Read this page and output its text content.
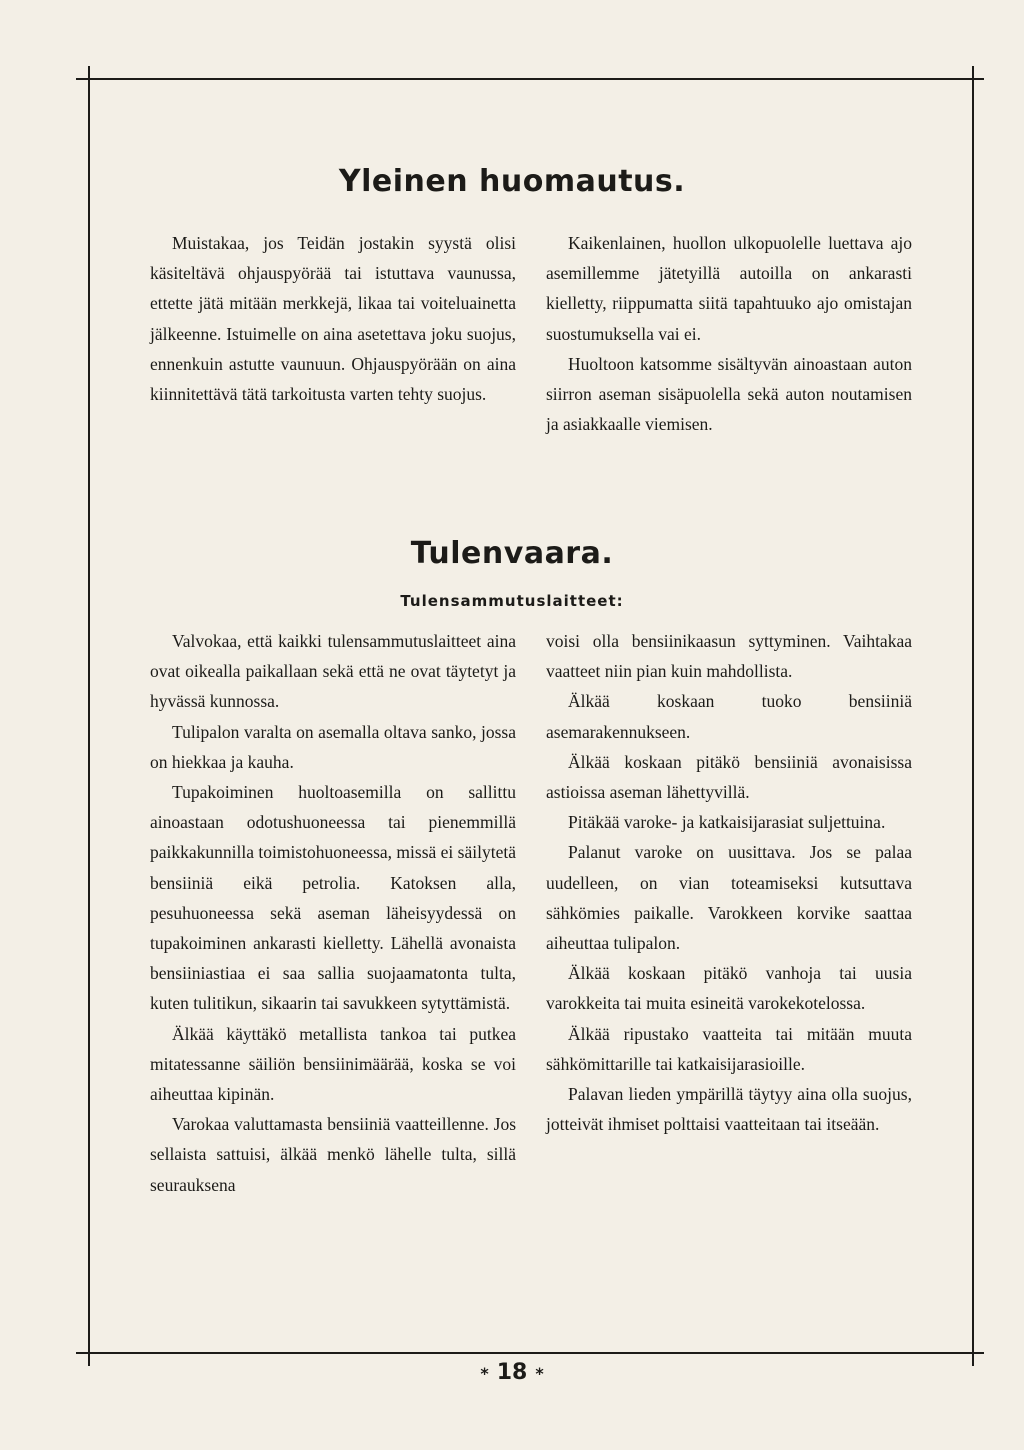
Yleinen huomautus.

Muistakaa, jos Teidän jostakin syystä olisi käsiteltävä ohjauspyörää tai istuttava vaunussa, ettette jätä mitään merkkejä, likaa tai voiteluainetta jälkeenne. Istuimelle on aina asetettava joku suojus, ennenkuin astutte vaunuun. Ohjauspyörään on aina kiinnitettävä tätä tarkoitusta varten tehty suojus.

Kaikenlainen, huollon ulkopuolelle luettava ajo asemillemme jätetyillä autoilla on ankarasti kielletty, riippumatta siitä tapahtuuko ajo omistajan suostumuksella vai ei.

Huoltoon katsomme sisältyvän ainoastaan auton siirron aseman sisäpuolella sekä auton noutamisen ja asiakkaalle viemisen.

Tulenvaara.
Tulensammutuslaitteet:

Valvokaa, että kaikki tulensammutuslaitteet aina ovat oikealla paikallaan sekä että ne ovat täytetyt ja hyvässä kunnossa.

Tulipalon varalta on asemalla oltava sanko, jossa on hiekkaa ja kauha.

Tupakoiminen huoltoasemilla on sallittu ainoastaan odotushuoneessa tai pienemmillä paikkakunnilla toimistohuoneessa, missä ei säilytetä bensiiniä eikä petrolia. Katoksen alla, pesuhuoneessa sekä aseman läheisyydessä on tupakoiminen ankarasti kielletty. Lähellä avonaista bensiiniastiaa ei saa sallia suojaamatonta tulta, kuten tulitikun, sikaarin tai savukkeen sytyttämistä.

Älkää käyttäkö metallista tankoa tai putkea mitatessanne säiliön bensiinimäärää, koska se voi aiheuttaa kipinän.

Varokaa valuttamasta bensiiniä vaatteillenne. Jos sellaista sattuisi, älkää menkö lähelle tulta, sillä seurauksena

voisi olla bensiinikaasun syttyminen. Vaihtakaa vaatteet niin pian kuin mahdollista.

Älkää koskaan tuoko bensiiniä asemarakennukseen.

Älkää koskaan pitäkö bensiiniä avonaisissa astioissa aseman lähettyvillä.

Pitäkää varoke- ja katkaisijarasiat suljettuina.

Palanut varoke on uusittava. Jos se palaa uudelleen, on vian toteamiseksi kutsuttava sähkömies paikalle. Varokkeen korvike saattaa aiheuttaa tulipalon.

Älkää koskaan pitäkö vanhoja tai uusia varokkeita tai muita esineitä varokekotelossa.

Älkää ripustako vaatteita tai mitään muuta sähkömittarille tai katkaisijarasioille.

Palavan lieden ympärillä täytyy aina olla suojus, jotteivät ihmiset polttaisi vaatteitaan tai itseään.

* 18 *
